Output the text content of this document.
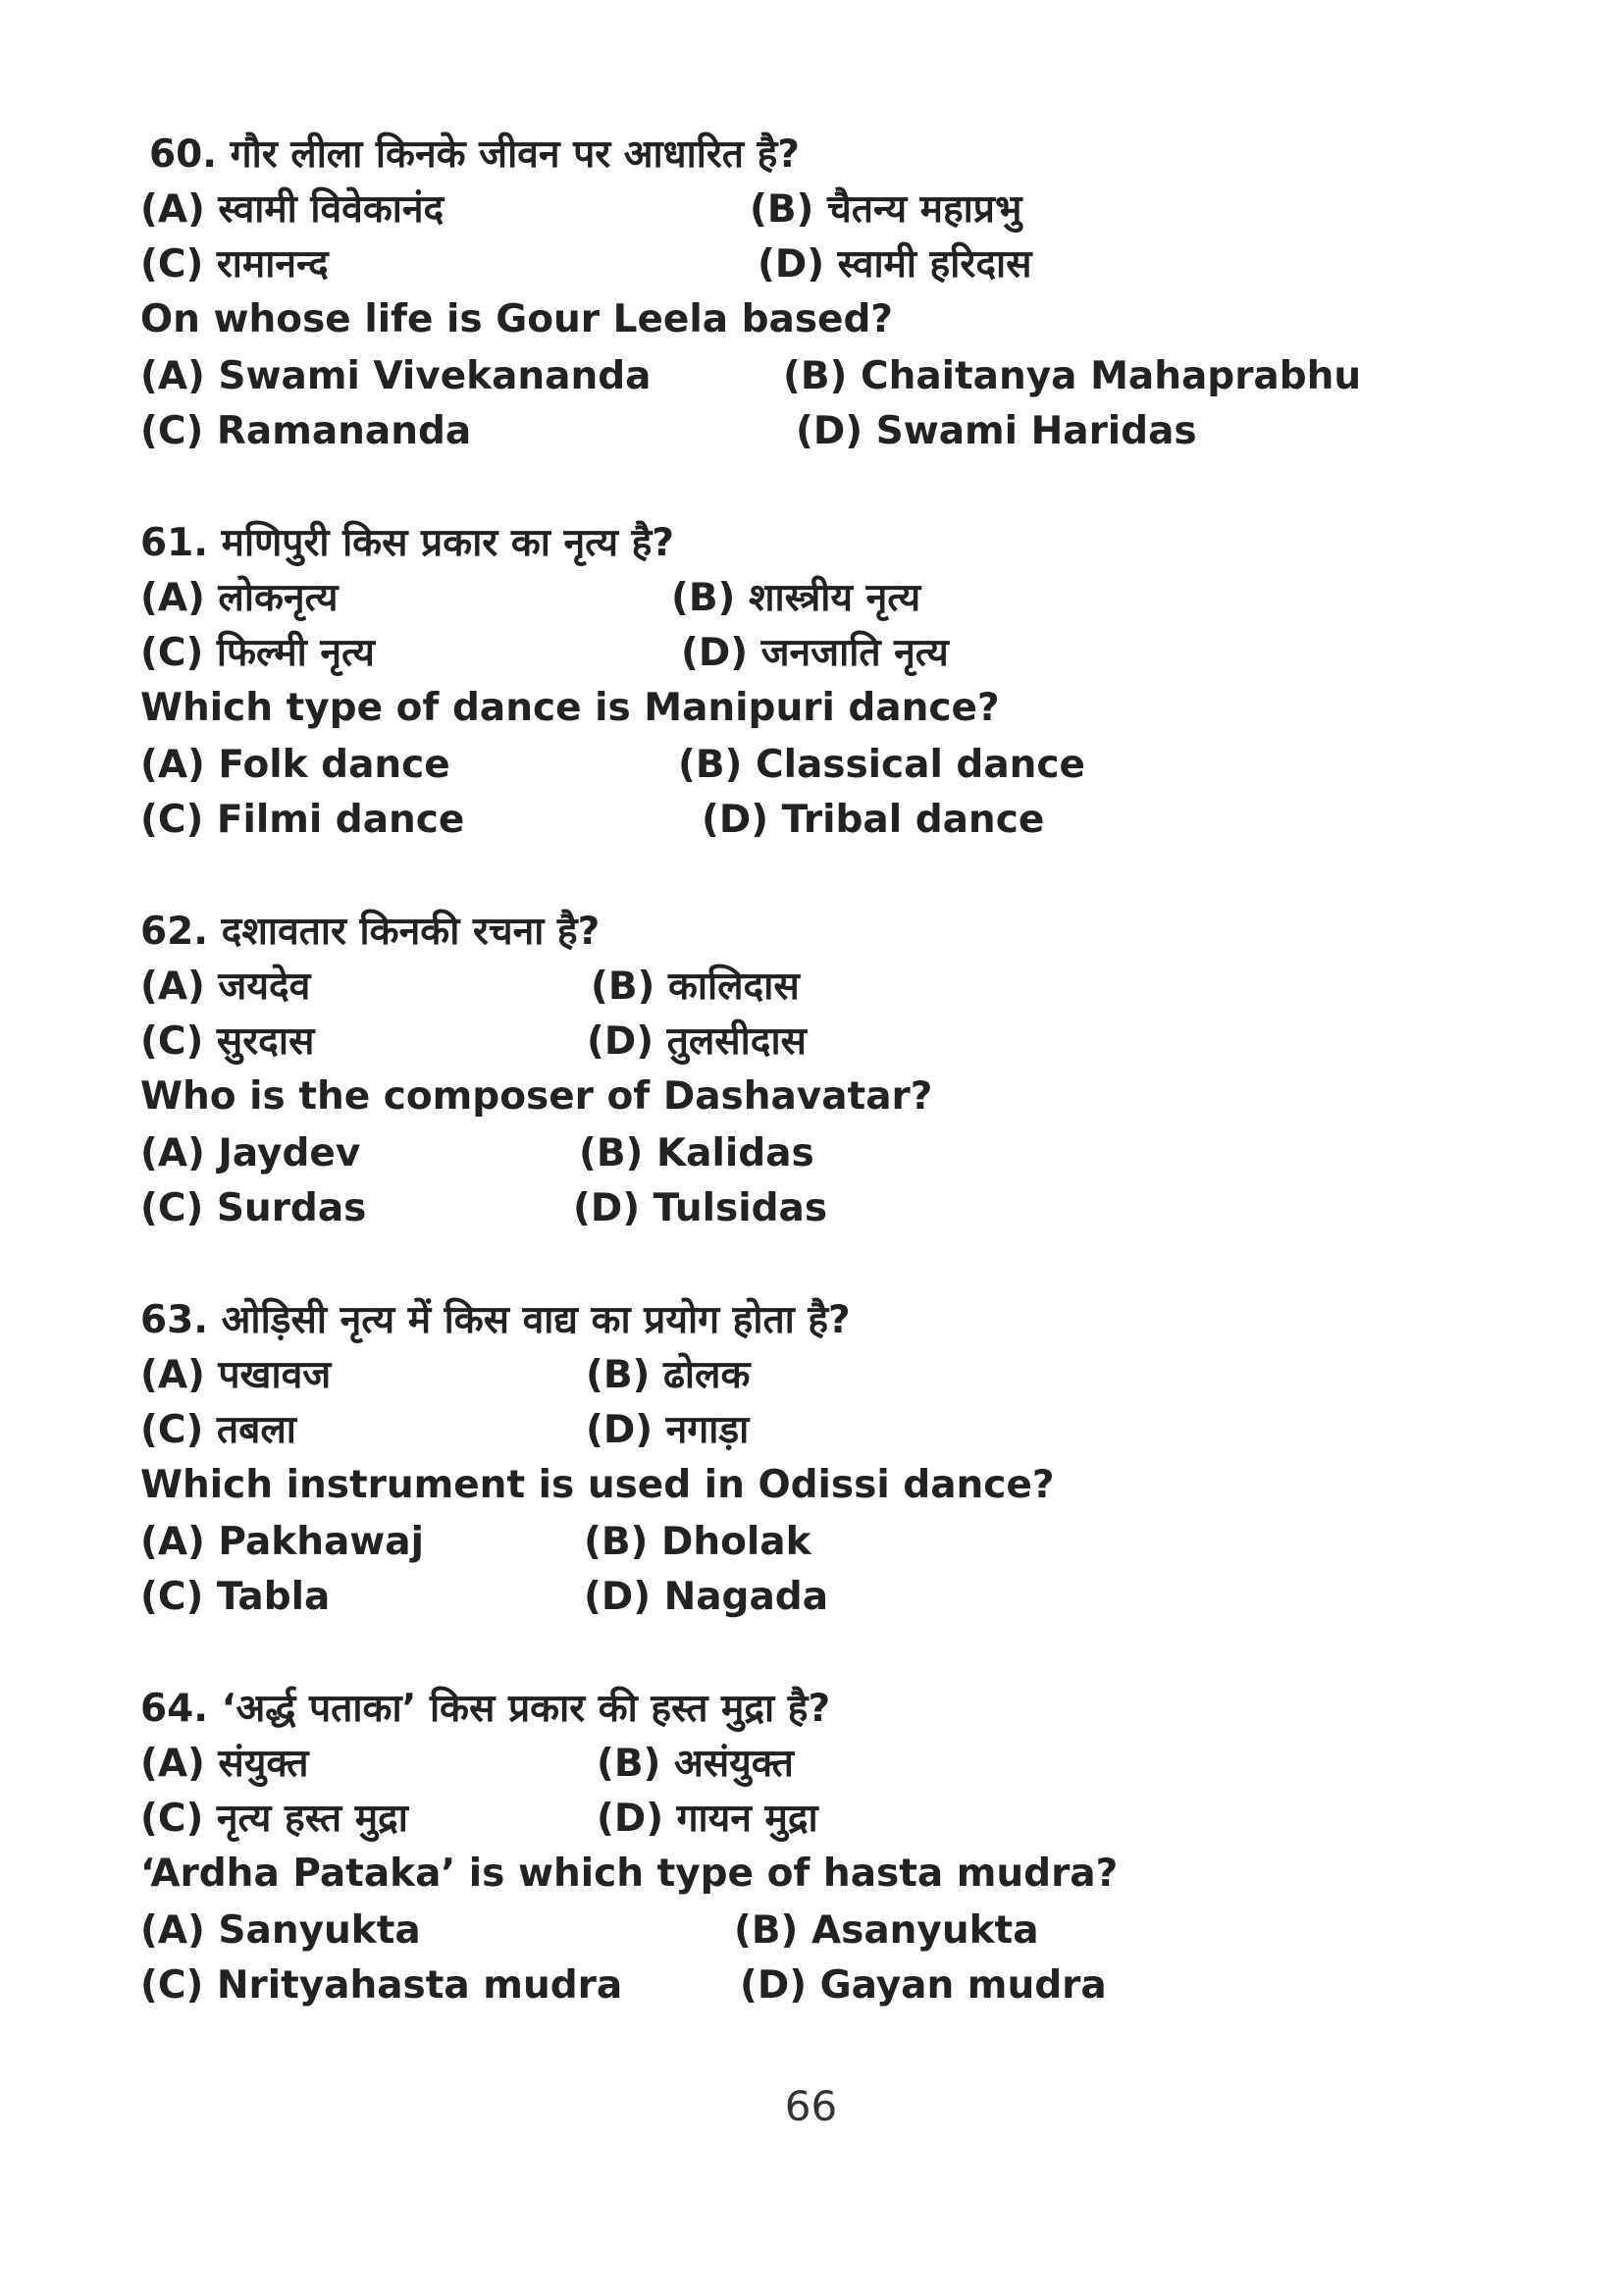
60. गौर लीला किनके जीवन पर आधारित है?
(A) स्वामी विवेकानंद	(B) चैतन्य महाप्रभु
(C) रामानन्द	(D) स्वामी हरिदास
On whose life is Gour Leela based?
(A) Swami Vivekananda	(B) Chaitanya Mahaprabhu
(C) Ramananda	(D) Swami Haridas
61. मणिपुरी किस प्रकार का नृत्य है?
(A) लोकनृत्य	(B) शास्त्रीय नृत्य
(C) फिल्मी नृत्य	(D) जनजाति नृत्य
Which type of dance is Manipuri dance?
(A) Folk dance	(B) Classical dance
(C) Filmi dance	(D) Tribal dance
62. दशावतार किनकी रचना है?
(A) जयदेव	(B) कालिदास
(C) सुरदास	(D) तुलसीदास
Who is the composer of Dashavatar?
(A) Jaydev	(B) Kalidas
(C) Surdas	(D) Tulsidas
63. ओड़िसी नृत्य में किस वाद्य का प्रयोग होता है?
(A) पखावज	(B) ढोलक
(C) तबला	(D) नगाड़ा
Which instrument is used in Odissi dance?
(A) Pakhawaj	(B) Dholak
(C) Tabla	(D) Nagada
64. ‘अर्द्ध पताका’ किस प्रकार की हस्त मुद्रा है?
(A) संयुक्त	(B) असंयुक्त
(C) नृत्य हस्त मुद्रा	(D) गायन मुद्रा
‘Ardha Pataka’ is which type of hasta mudra?
(A) Sanyukta	(B) Asanyukta
(C) Nrityahasta mudra	(D) Gayan mudra
66
